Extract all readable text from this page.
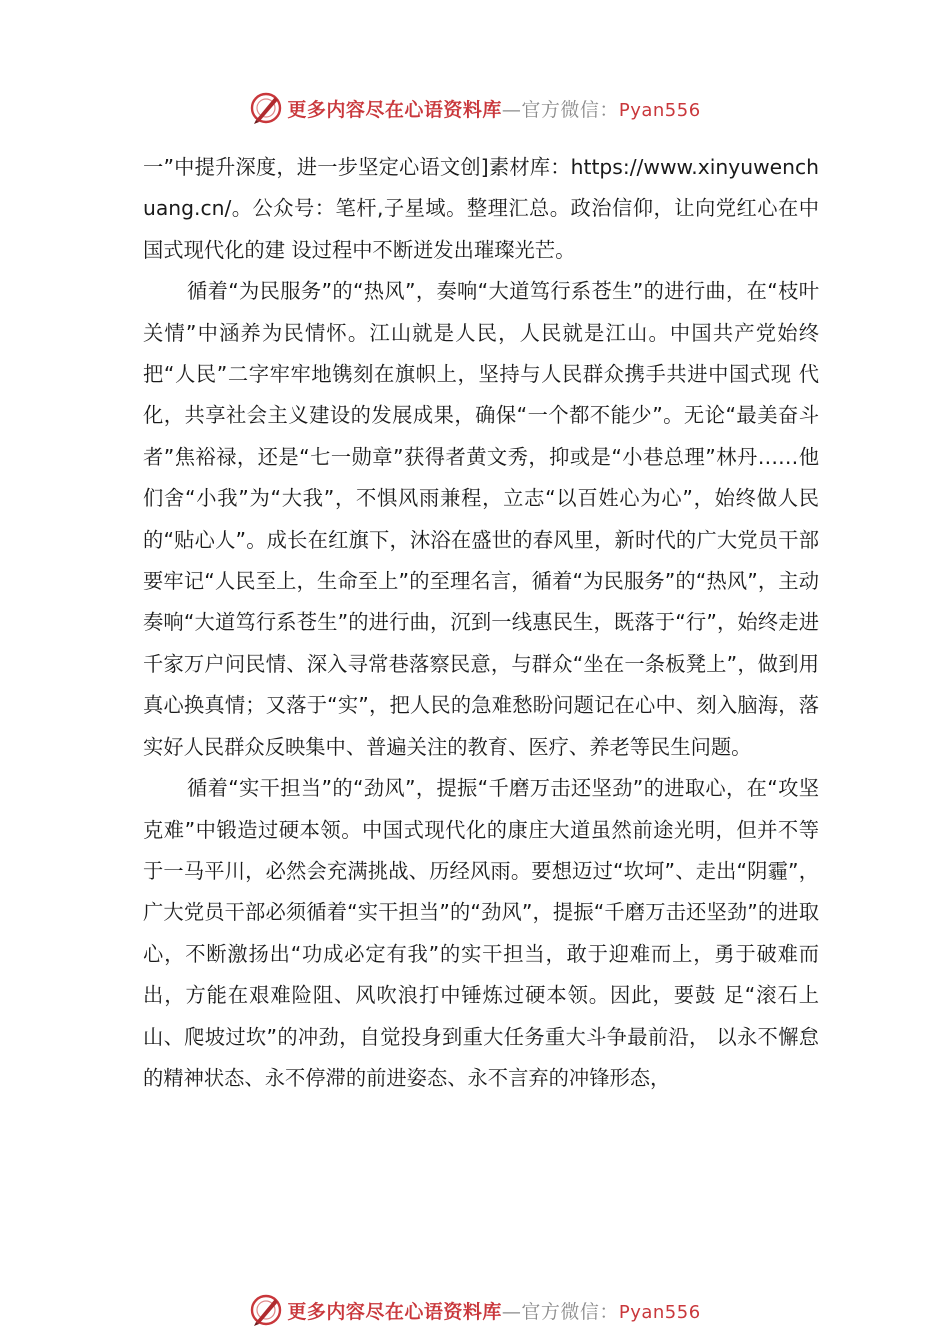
更多内容尽在心语资料库—官方微信：Pyan556

一”中提升深度，进一步坚定心语文创]素材库：https://www.xinyuwenchuang.cn/。公众号：笔杆,子星域。整理汇总。政治信仰，让向党红心在中国式现代化的建 设过程中不断迸发出璀璨光芒。

循着“为民服务”的“热风”，奏响“大道笃行系苍生”的进行曲，在“枝叶关情”中涵养为民情怀。江山就是人民，人民就是江山。中国共产党始终 把“人民”二字牢牢地镌刻在旗帜上，坚持与人民群众携手共进中国式现 代化，共享社会主义建设的发展成果，确保“一个都不能少”。无论“最美奋斗者”焦裕禄，还是“七一勋章”获得者黄文秀，抑或是“小巷总理”林丹……他们舍“小我”为“大我”，不惧风雨兼程，立志“以百姓心为心”，始终做人民的“贴心人”。成长在红旗下，沐浴在盛世的春风里，新时代的广大党员干部要牢记“人民至上，生命至上”的至理名言，循着“为民服务”的“热风”，主动奏响“大道笃行系苍生”的进行曲，沉到一线惠民生，既落于“行”，始终走进千家万户问民情、深入寻常巷落察民意，与群众“坐在一条板凳上”，做到用真心换真情；又落于“实”，把人民的急难愁盼问题记在心中、刻入脑海，落实好人民群众反映集中、普遍关注的教育、医疗、养老等民生问题。

循着“实干担当”的“劲风”，提振“千磨万击还坚劲”的进取心，在“攻坚克难”中锻造过硬本领。中国式现代化的康庄大道虽然前途光明，但并不等于一马平川，必然会充满挑战、历经风雨。要想迈过“坎坷”、走出“阴霾”，广大党员干部必须循着“实干担当”的“劲风”，提振“千磨万击还坚劲”的进取心，不断激扬出“功成必定有我”的实干担当，敢于迎难而上，勇于破难而出，方能在艰难险阻、风吹浪打中锤炼过硬本领。因此，要鼓 足“滚石上山、爬坡过坎”的冲劲，自觉投身到重大任务重大斗争最前沿， 以永不懈怠的精神状态、永不停滞的前进姿态、永不言弃的冲锋形态，

更多内容尽在心语资料库—官方微信：Pyan556
